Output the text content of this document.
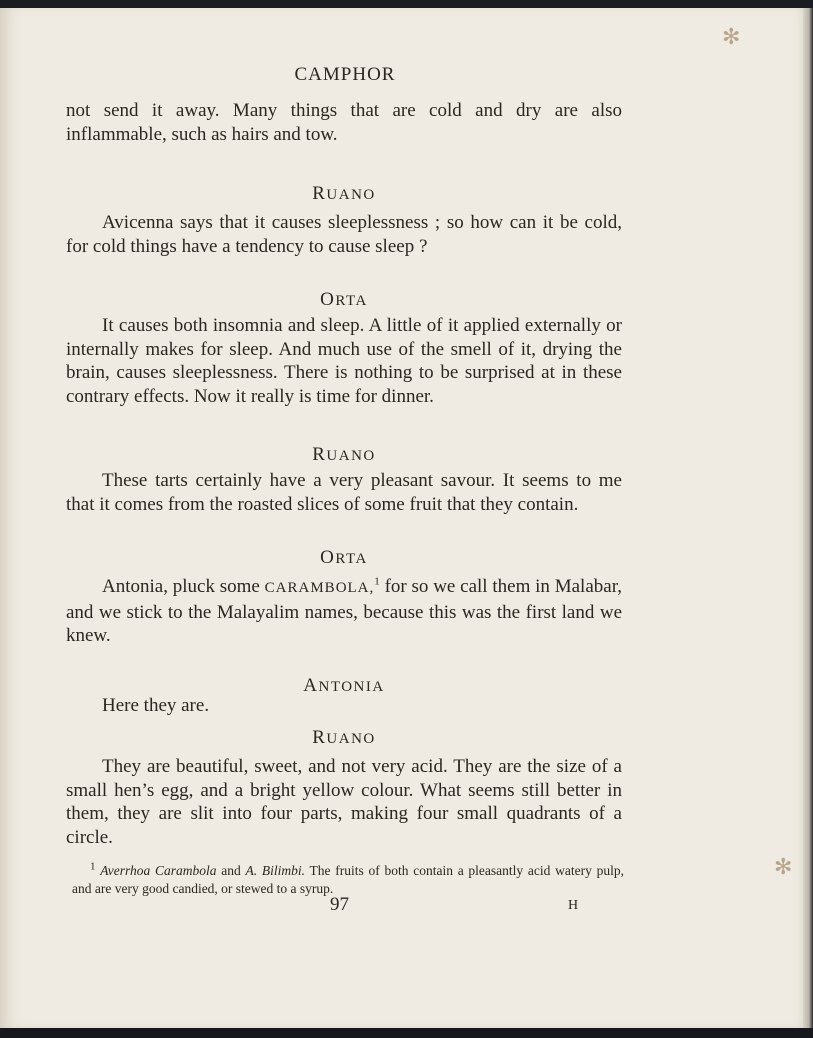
✻
✻
CAMPHOR
not send it away. Many things that are cold and dry are also inflammable, such as hairs and tow.
RUANO
Avicenna says that it causes sleeplessness ; so how can it be cold, for cold things have a tendency to cause sleep ?
ORTA
It causes both insomnia and sleep. A little of it applied externally or internally makes for sleep. And much use of the smell of it, drying the brain, causes sleeplessness. There is nothing to be surprised at in these contrary effects. Now it really is time for dinner.
RUANO
These tarts certainly have a very pleasant savour. It seems to me that it comes from the roasted slices of some fruit that they contain.
ORTA
Antonia, pluck some CARAMBOLA,$^1$ for so we call them in Malabar, and we stick to the Malayalim names, because this was the first land we knew.
ANTONIA
Here they are.
RUANO
They are beautiful, sweet, and not very acid. They are the size of a small hen’s egg, and a bright yellow colour. What seems still better in them, they are slit into four parts, making four small quadrants of a circle.
$^1$ Averrhoa Carambola and A. Bilimbi. The fruits of both contain a pleasantly acid watery pulp, and are very good candied, or stewed to a syrup.
97	H
